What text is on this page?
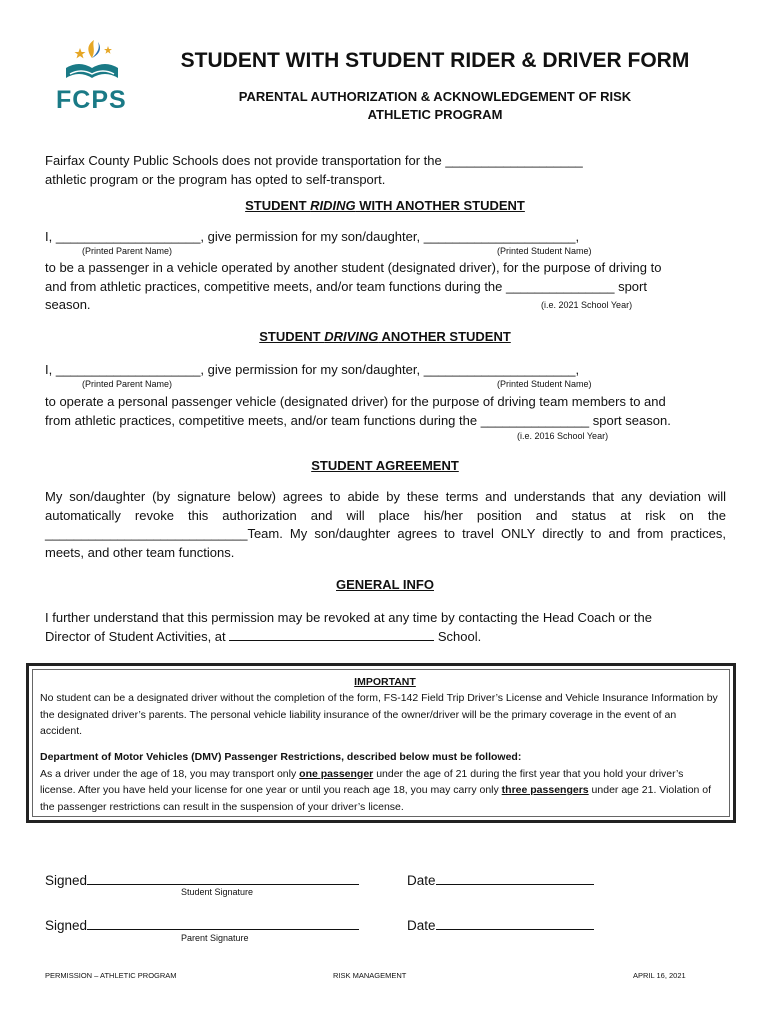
FCPS
STUDENT WITH STUDENT RIDER & DRIVER FORM
PARENTAL AUTHORIZATION & ACKNOWLEDGEMENT OF RISK
ATHLETIC PROGRAM
Fairfax County Public Schools does not provide transportation for the ___________________
athletic program or the program has opted to self-transport.
STUDENT RIDING WITH ANOTHER STUDENT
I, ____________________, give permission for my son/daughter, _____________________,
(Printed Parent Name)	(Printed Student Name)
to be a passenger in a vehicle operated by another student (designated driver), for the purpose of driving to
and from athletic practices, competitive meets, and/or team functions during the _______________ sport
season.	(i.e. 2021 School Year)
STUDENT DRIVING ANOTHER STUDENT
I, ____________________, give permission for my son/daughter, _____________________,
(Printed Parent Name)	(Printed Student Name)
to operate a personal passenger vehicle (designated driver) for the purpose of driving team members to and
from athletic practices, competitive meets, and/or team functions during the _______________ sport season.
(i.e. 2016 School Year)
STUDENT AGREEMENT
My son/daughter (by signature below) agrees to abide by these terms and understands that any deviation will automatically revoke this authorization and will place his/her position and status at risk on the ____________________________Team. My son/daughter agrees to travel ONLY directly to and from practices, meets, and other team functions.
GENERAL INFO
I further understand that this permission may be revoked at any time by contacting the Head Coach or the
Director of Student Activities, at	School.
IMPORTANT
No student can be a designated driver without the completion of the form, FS-142 Field Trip Driver’s License and Vehicle Insurance Information by the designated driver’s parents. The personal vehicle liability insurance of the owner/driver will be the primary coverage in the event of an accident.
Department of Motor Vehicles (DMV) Passenger Restrictions, described below must be followed:
As a driver under the age of 18, you may transport only one passenger under the age of 21 during the first year that you hold your driver’s license. After you have held your license for one year or until you reach age 18, you may carry only three passengers under age 21. Violation of the passenger restrictions can result in the suspension of your driver’s license.
Signed	Date
Student Signature
Signed	Date
Parent Signature
PERMISSION – ATHLETIC PROGRAM	RISK MANAGEMENT	APRIL 16, 2021
